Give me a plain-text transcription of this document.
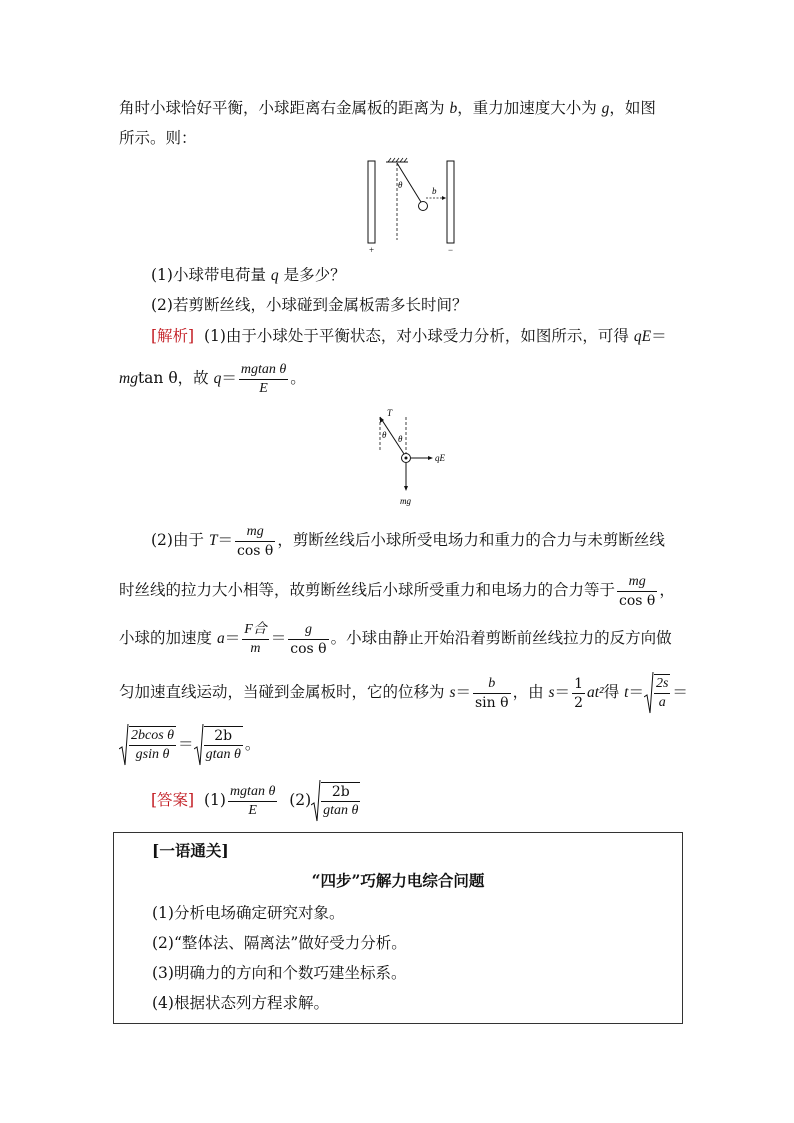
角时小球恰好平衡，小球距离右金属板的距离为 b，重力加速度大小为 g，如图
所示。则：
θ
b
+	−
(1)小球带电荷量 q 是多少？
(2)若剪断丝线，小球碰到金属板需多长时间？
[解析] (1)由于小球处于平衡状态，对小球受力分析，如图所示，可得 qE＝
mgtan θ，故 $q= \frac{\text{mgtan θ}}{E}$ 。
T
θ θ
qE
mg
(2)由于 $T= \frac{mg}{\text{cos θ}}$ ，剪断丝线后小球所受电场力和重力的合力与未剪断丝线
时丝线的拉力大小相等，故剪断丝线后小球所受重力和电场力的合力等于 $\frac{mg}{\text{cos θ}}$ ，
小球的加速度 $a= \frac{\text{F合}}{m} = \frac{g}{\text{cos θ}}$ 。小球由静止开始沿着剪断前丝线拉力的反方向做
匀加速直线运动，当碰到金属板时，它的位移为 $s= \frac{b}{\text{sin θ}}$ ，由 $s= \frac{1}{2} at^2$得 $t= \frac{2s}{a}$ ＝
$\frac{\text{2bcos θ}}{\text{gsin θ}} = \frac{2b}{\text{gtan θ}}$ 。
[答案] $(1) \frac{\text{mgtan θ}}{E} (2) \frac{2b}{\text{gtan θ}}$
[一语通关]
“四步”巧解力电综合问题
(1)分析电场确定研究对象。
(2)“整体法、隔离法”做好受力分析。
(3)明确力的方向和个数巧建坐标系。
(4)根据状态列方程求解。
